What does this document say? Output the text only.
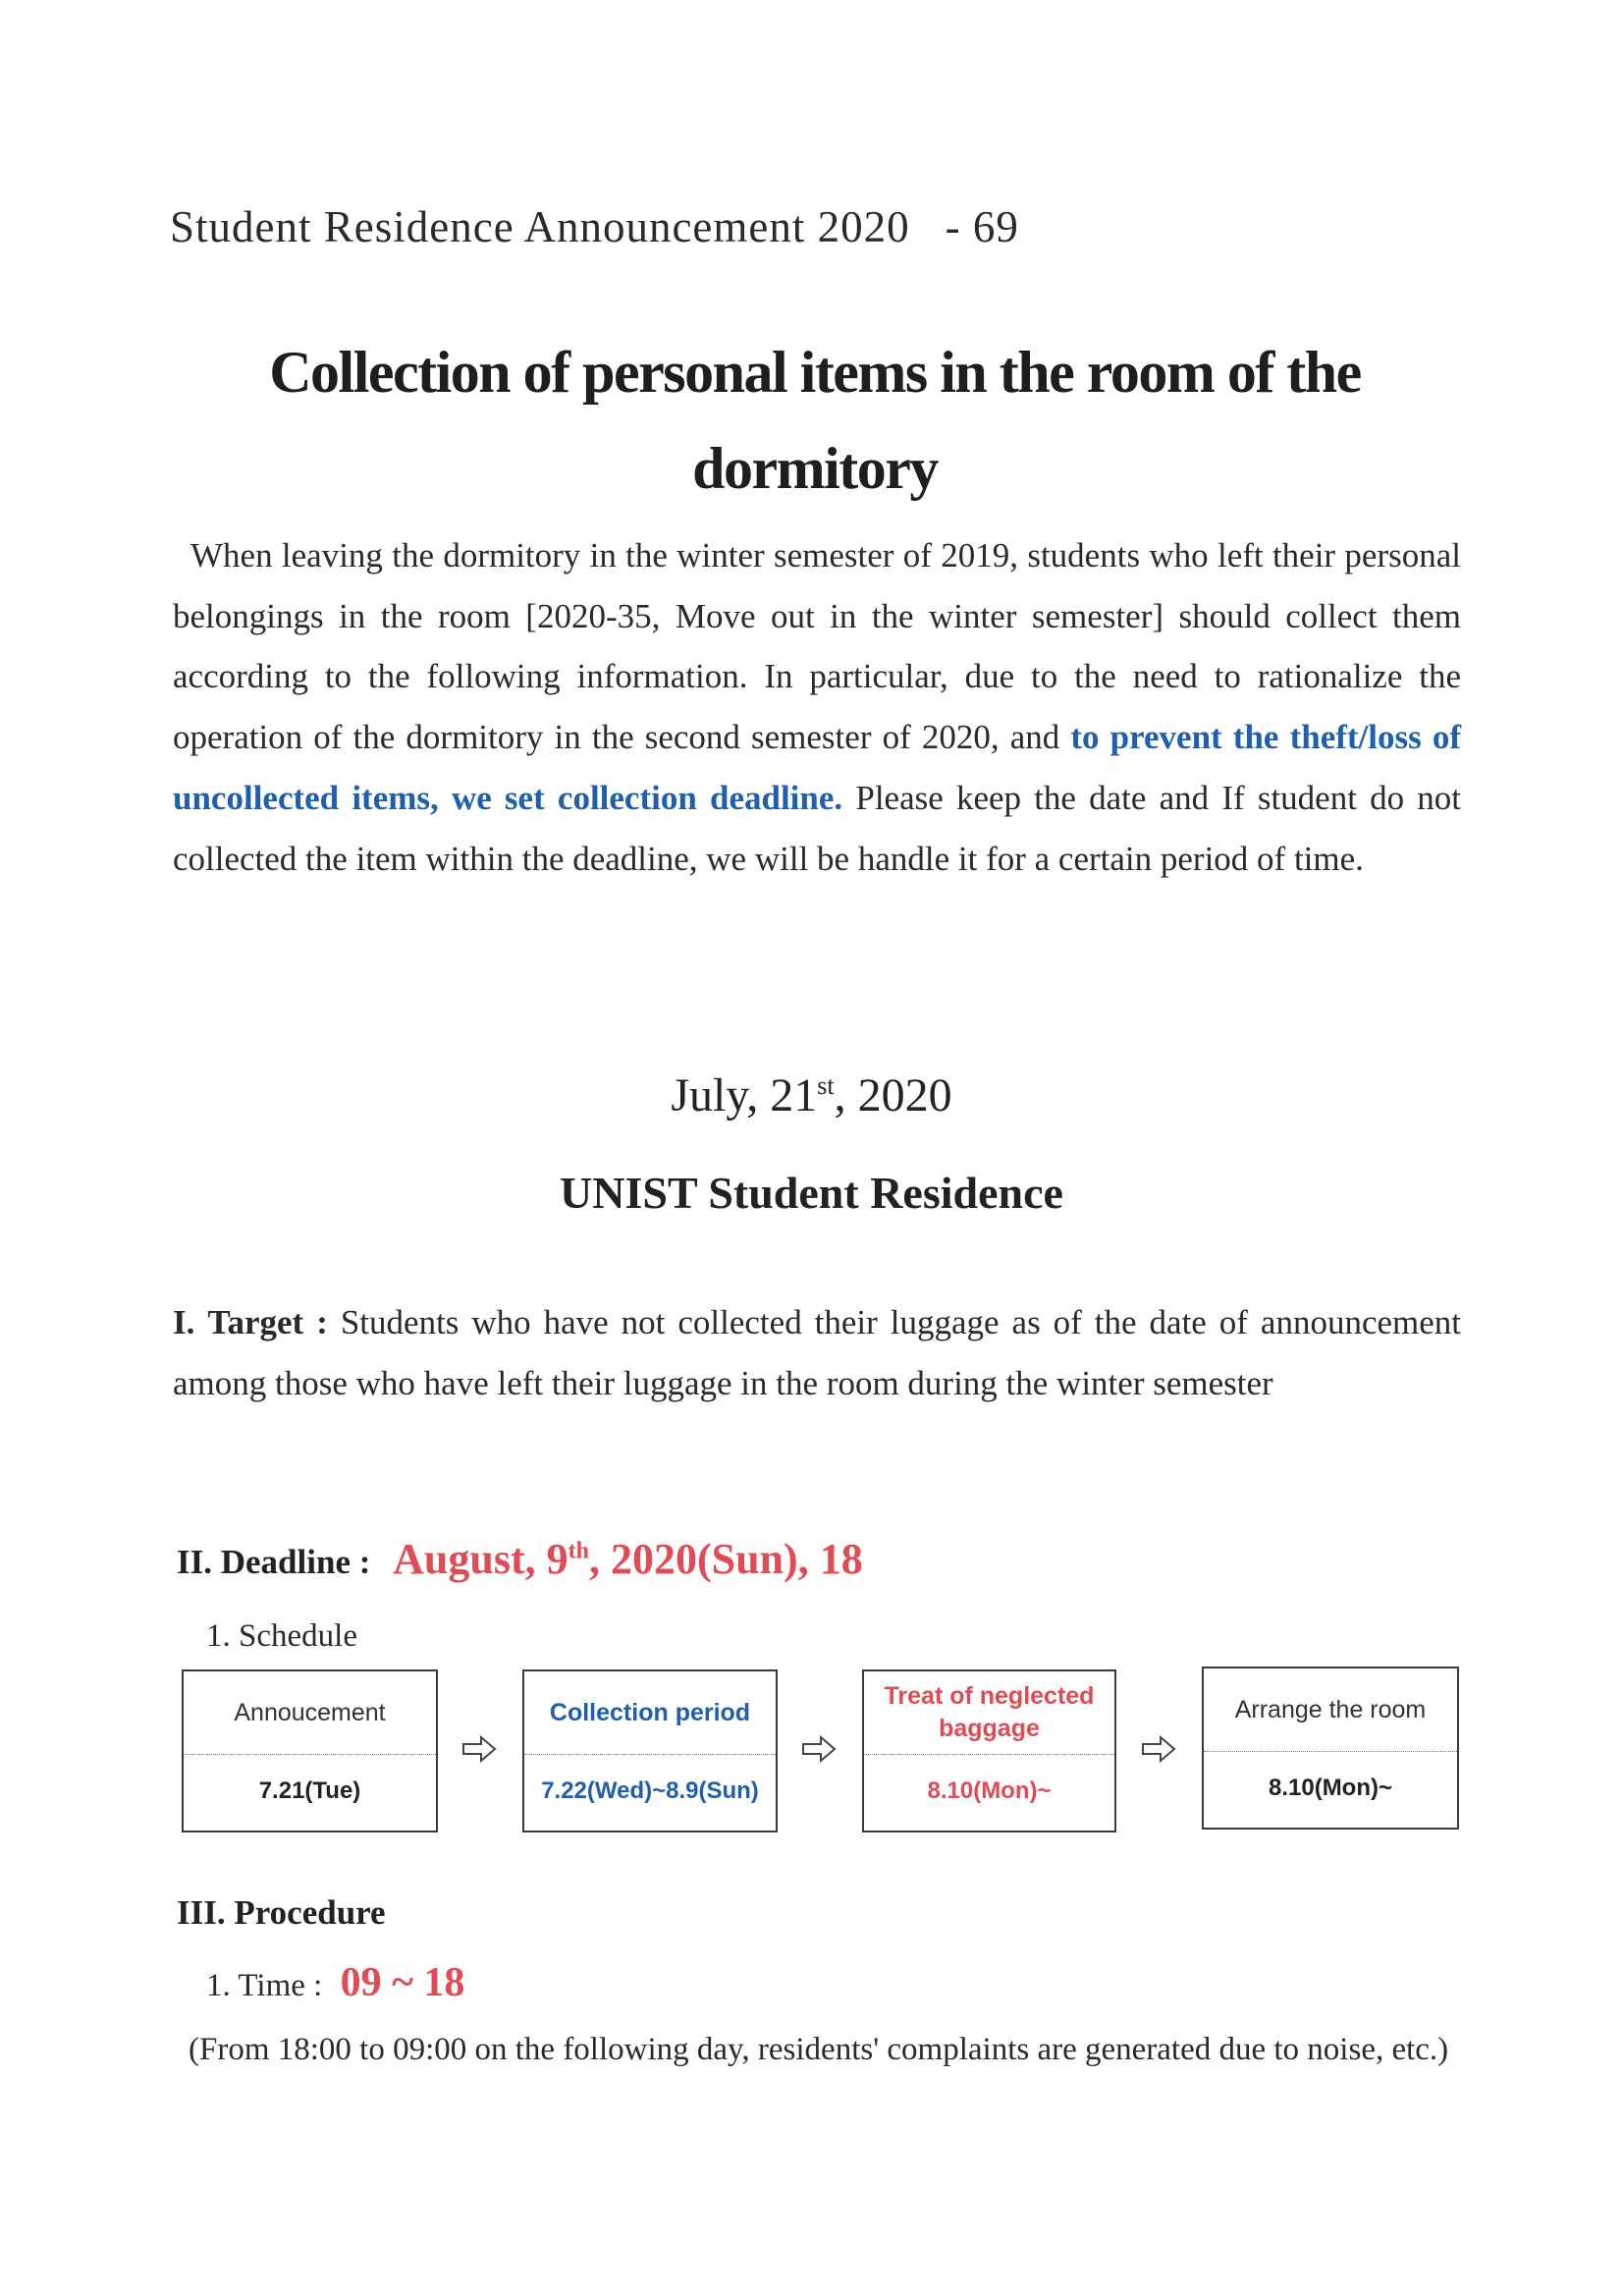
Student Residence Announcement 2020 - 69
Collection of personal items in the room of the
dormitory
When leaving the dormitory in the winter semester of 2019, students who left their personal belongings in the room [2020-35, Move out in the winter semester] should collect them according to the following information. In particular, due to the need to rationalize the operation of the dormitory in the second semester of 2020, and to prevent the theft/loss of uncollected items, we set collection deadline. Please keep the date and If student do not collected the item within the deadline, we will be handle it for a certain period of time.
July, 21st, 2020
UNIST Student Residence
I. Target : Students who have not collected their luggage as of the date of announcement among those who have left their luggage in the room during the winter semester
II. Deadline : August, 9th, 2020(Sun), 18
1. Schedule
Annoucement
7.21(Tue)
Collection period
7.22(Wed)~8.9(Sun)
Treat of neglected baggage
8.10(Mon)~
Arrange the room
8.10(Mon)~
III. Procedure
1. Time : 09 ~ 18
(From 18:00 to 09:00 on the following day, residents' complaints are generated due to noise, etc.)
